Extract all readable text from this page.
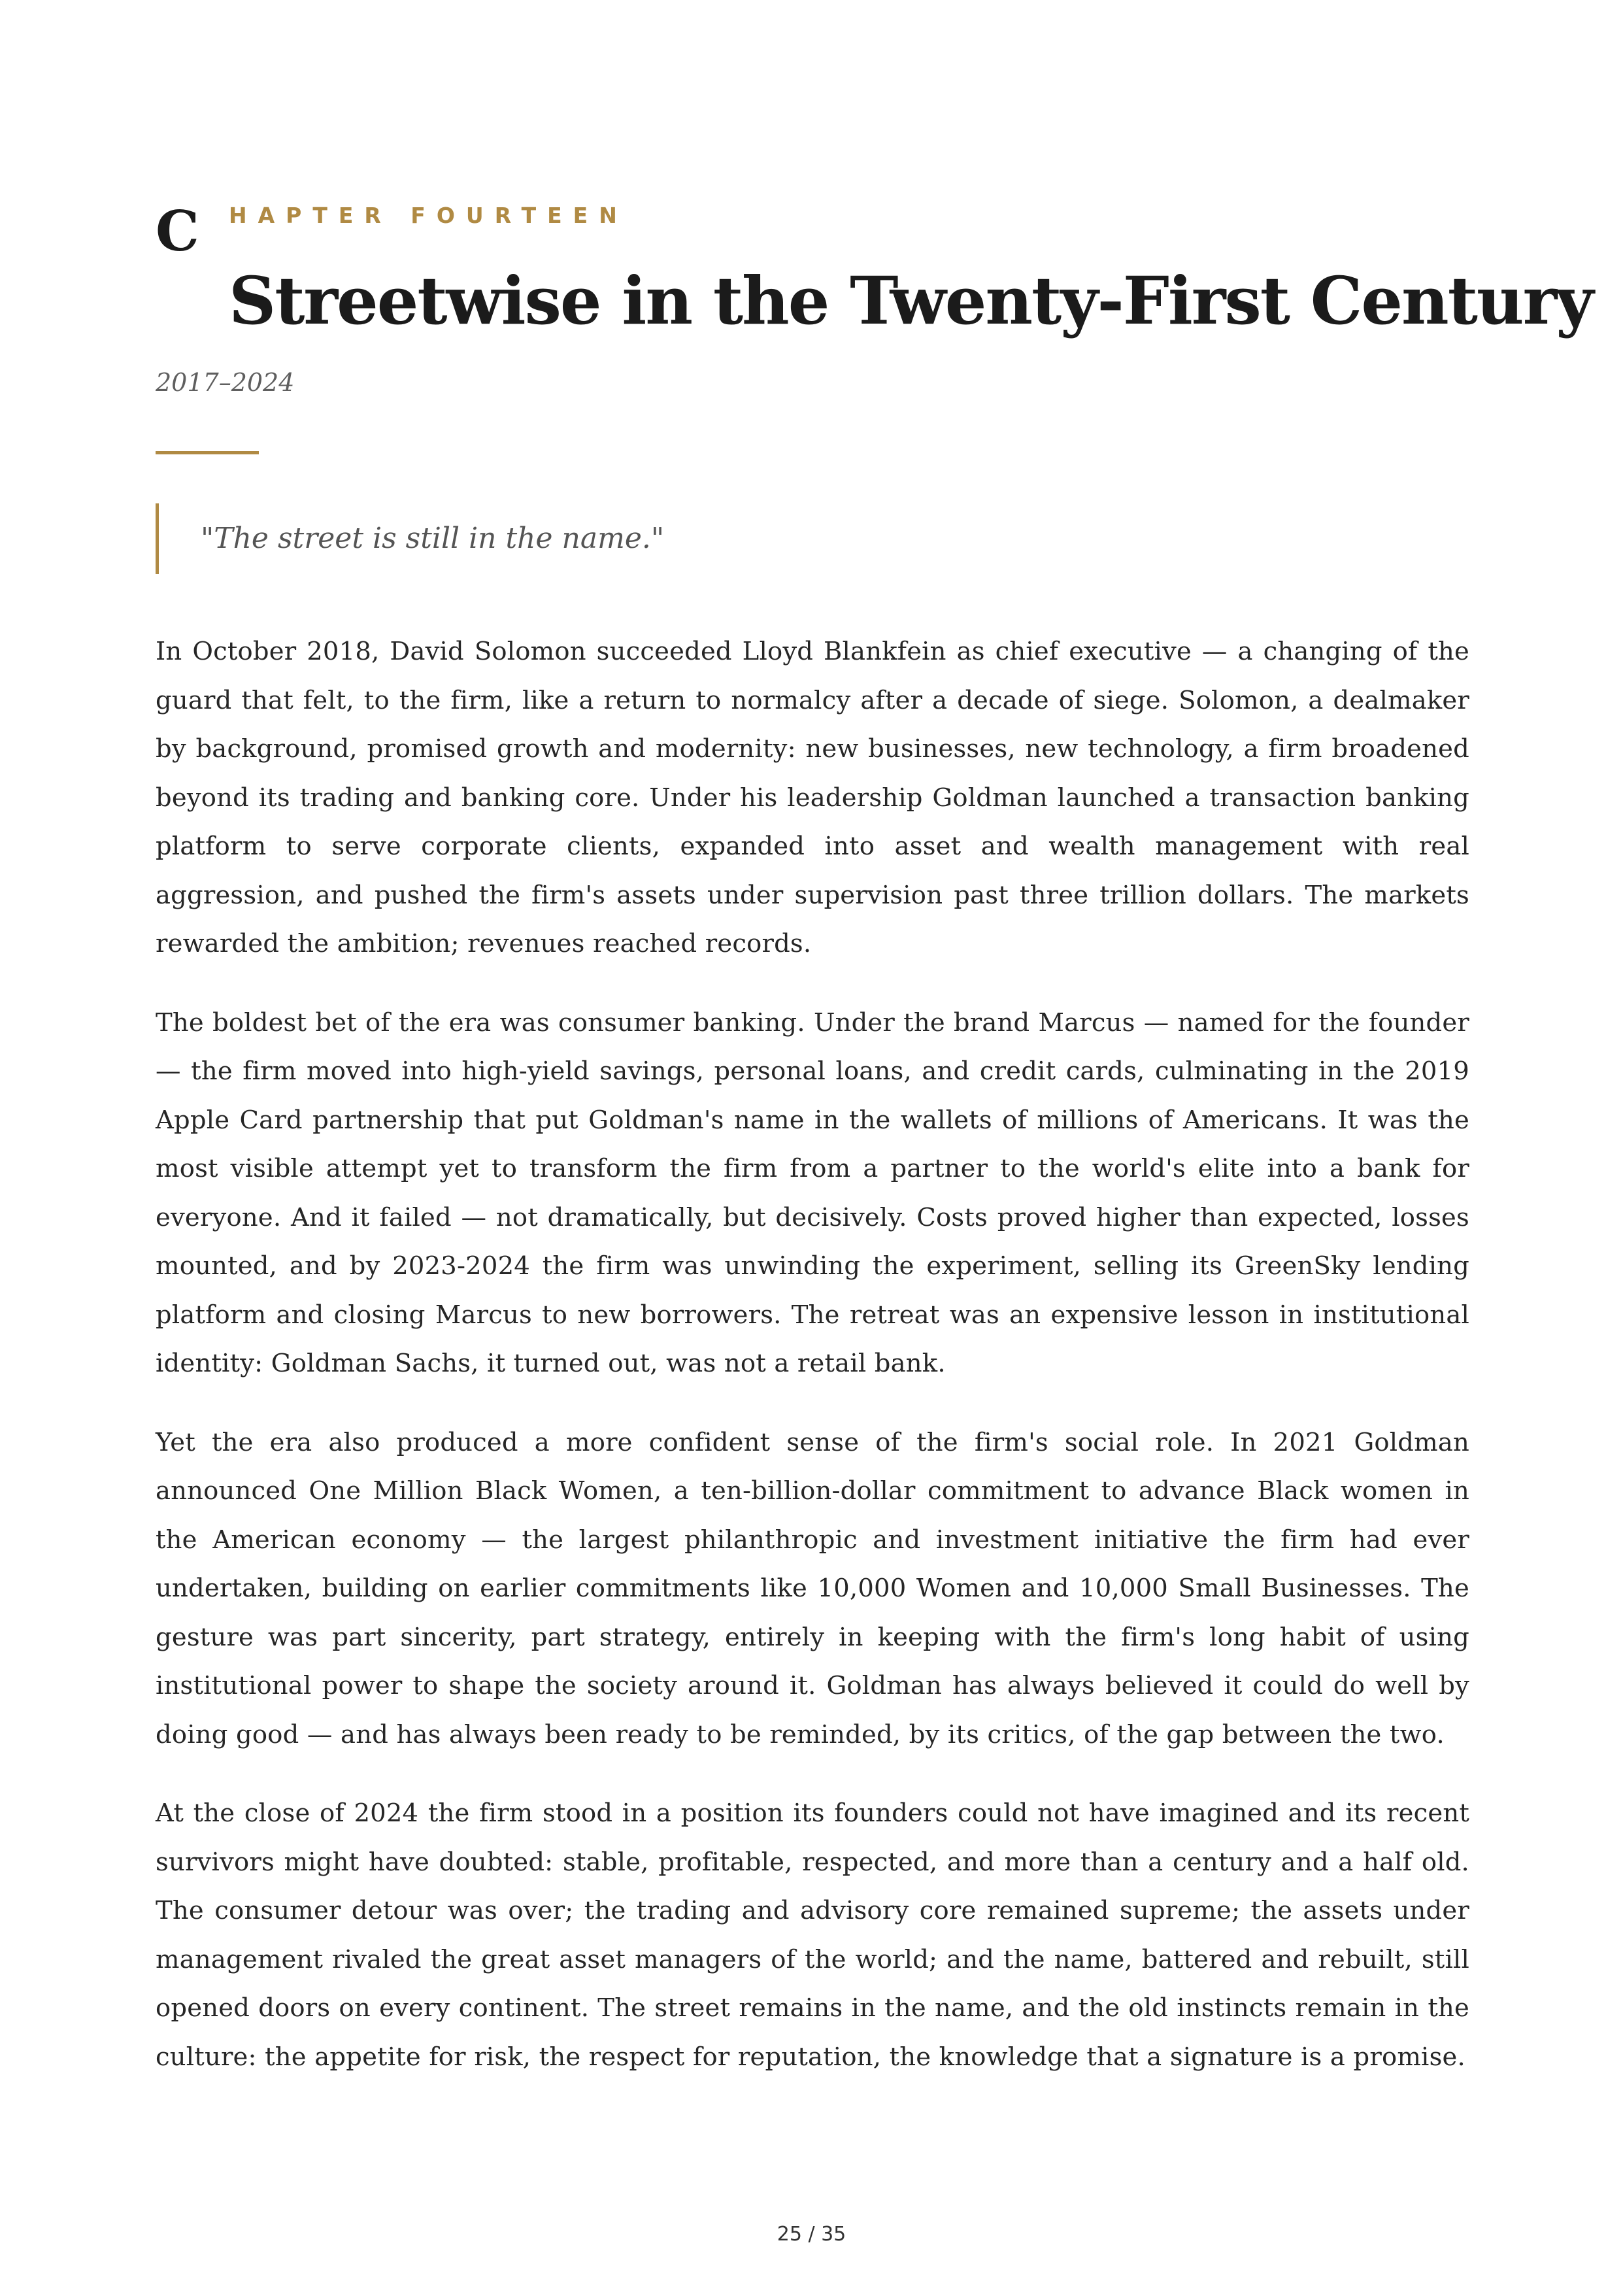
C HAPTER FOURTEEN
Streetwise in the Twenty-First Century
2017–2024
"The street is still in the name."

In October 2018, David Solomon succeeded Lloyd Blankfein as chief executive — a changing of the guard that felt, to the firm, like a return to normalcy after a decade of siege. Solomon, a dealmaker by background, promised growth and modernity: new businesses, new technology, a firm broadened beyond its trading and banking core. Under his leadership Goldman launched a transaction banking platform to serve corporate clients, expanded into asset and wealth management with real aggression, and pushed the firm's assets under supervision past three trillion dollars. The markets rewarded the ambition; revenues reached records.

The boldest bet of the era was consumer banking. Under the brand Marcus — named for the founder — the firm moved into high-yield savings, personal loans, and credit cards, culminating in the 2019 Apple Card partnership that put Goldman's name in the wallets of millions of Americans. It was the most visible attempt yet to transform the firm from a partner to the world's elite into a bank for everyone. And it failed — not dramatically, but decisively. Costs proved higher than expected, losses mounted, and by 2023-2024 the firm was unwinding the experiment, selling its GreenSky lending platform and closing Marcus to new borrowers. The retreat was an expensive lesson in institutional identity: Goldman Sachs, it turned out, was not a retail bank.

Yet the era also produced a more confident sense of the firm's social role. In 2021 Goldman announced One Million Black Women, a ten-billion-dollar commitment to advance Black women in the American economy — the largest philanthropic and investment initiative the firm had ever undertaken, building on earlier commitments like 10,000 Women and 10,000 Small Businesses. The gesture was part sincerity, part strategy, entirely in keeping with the firm's long habit of using institutional power to shape the society around it. Goldman has always believed it could do well by doing good — and has always been ready to be reminded, by its critics, of the gap between the two.

At the close of 2024 the firm stood in a position its founders could not have imagined and its recent survivors might have doubted: stable, profitable, respected, and more than a century and a half old. The consumer detour was over; the trading and advisory core remained supreme; the assets under management rivaled the great asset managers of the world; and the name, battered and rebuilt, still opened doors on every continent. The street remains in the name, and the old instincts remain in the culture: the appetite for risk, the respect for reputation, the knowledge that a signature is a promise.

25 / 35
